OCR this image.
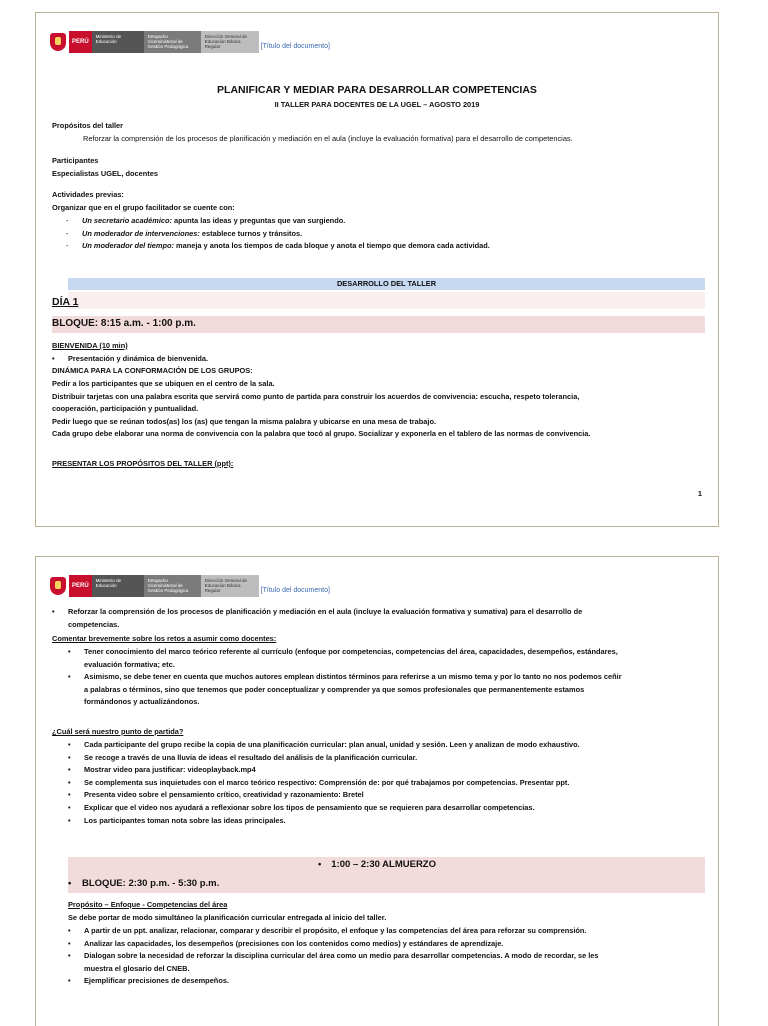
PERÚ
Ministerio de Educación
Despacho Viceministerial de Gestión Pedagógica
Dirección General de Educación Básica Regular	[Título del documento]
PLANIFICAR Y MEDIAR PARA DESARROLLAR COMPETENCIAS
II TALLER PARA DOCENTES DE LA UGEL – AGOSTO 2019
Propósitos del taller
Reforzar la comprensión de los procesos de planificación y mediación en el aula (incluye la evaluación formativa) para el desarrollo de competencias.
Participantes
Especialistas UGEL, docentes
Actividades previas:
Organizar que en el grupo facilitador se cuente con:
-	Un secretario académico: apunta las ideas y preguntas que van surgiendo.
-	Un moderador de intervenciones: establece turnos y tránsitos.
-	Un moderador del tiempo: maneja y anota los tiempos de cada bloque y anota el tiempo que demora cada actividad.
DESARROLLO DEL TALLER
DÍA 1
BLOQUE: 8:15 a.m. - 1:00 p.m.
BIENVENIDA (10 min)
• Presentación y dinámica de bienvenida.
DINÁMICA PARA LA CONFORMACIÓN DE LOS GRUPOS:
Pedir a los participantes que se ubiquen en el centro de la sala.
Distribuir tarjetas con una palabra escrita que servirá como punto de partida para construir los acuerdos de convivencia: escucha, respeto tolerancia,
cooperación, participación y puntualidad.
Pedir luego que se reúnan todos(as) los (as) que tengan la misma palabra y ubicarse en una mesa de trabajo.
Cada grupo debe elaborar una norma de convivencia con la palabra que tocó al grupo. Socializar y exponerla en el tablero de las normas de convivencia.
PRESENTAR LOS PROPÓSITOS DEL TALLER (ppt):
1
PERÚ
Ministerio de Educación
Despacho Viceministerial de Gestión Pedagógica
Dirección General de Educación Básica Regular	[Título del documento]
•	Reforzar la comprensión de los procesos de planificación y mediación en el aula (incluye la evaluación formativa y sumativa) para el desarrollo de
competencias.
Comentar brevemente sobre los retos a asumir como docentes:
•	Tener conocimiento del marco teórico referente al currículo (enfoque por competencias, competencias del área, capacidades, desempeños, estándares,
evaluación formativa; etc.
•	Asimismo, se debe tener en cuenta que muchos autores emplean distintos términos para referirse a un mismo tema y por lo tanto no nos podemos ceñir
a palabras o términos, sino que tenemos que poder conceptualizar y comprender ya que somos profesionales que permanentemente estamos
formándonos y actualizándonos.
¿Cuál será nuestro punto de partida?
•	Cada participante del grupo recibe la copia de una planificación curricular: plan anual, unidad y sesión. Leen y analizan de modo exhaustivo.
•	Se recoge a través de una lluvia de ideas el resultado del análisis de la planificación curricular.
•	Mostrar video para justificar: videoplayback.mp4
•	Se complementa sus inquietudes con el marco teórico respectivo: Comprensión de: por qué trabajamos por competencias. Presentar ppt.
•	Presenta video sobre el pensamiento crítico, creatividad y razonamiento: Bretel
•	Explicar que el video nos ayudará a reflexionar sobre los tipos de pensamiento que se requieren para desarrollar competencias.
•	Los participantes toman nota sobre las ideas principales.
• 1:00 – 2:30 ALMUERZO
• BLOQUE: 2:30 p.m. - 5:30 p.m.
Propósito – Enfoque - Competencias del área
Se debe portar de modo simultáneo la planificación curricular entregada al inicio del taller.
•	A partir de un ppt. analizar, relacionar, comparar y describir el propósito, el enfoque y las competencias del área para reforzar su comprensión.
•	Analizar las capacidades, los desempeños (precisiones con los contenidos como medios) y estándares de aprendizaje.
•	Dialogan sobre la necesidad de reforzar la disciplina curricular del área como un medio para desarrollar competencias. A modo de recordar, se les
muestra el glosario del CNEB.
•	Ejemplificar precisiones de desempeños.
